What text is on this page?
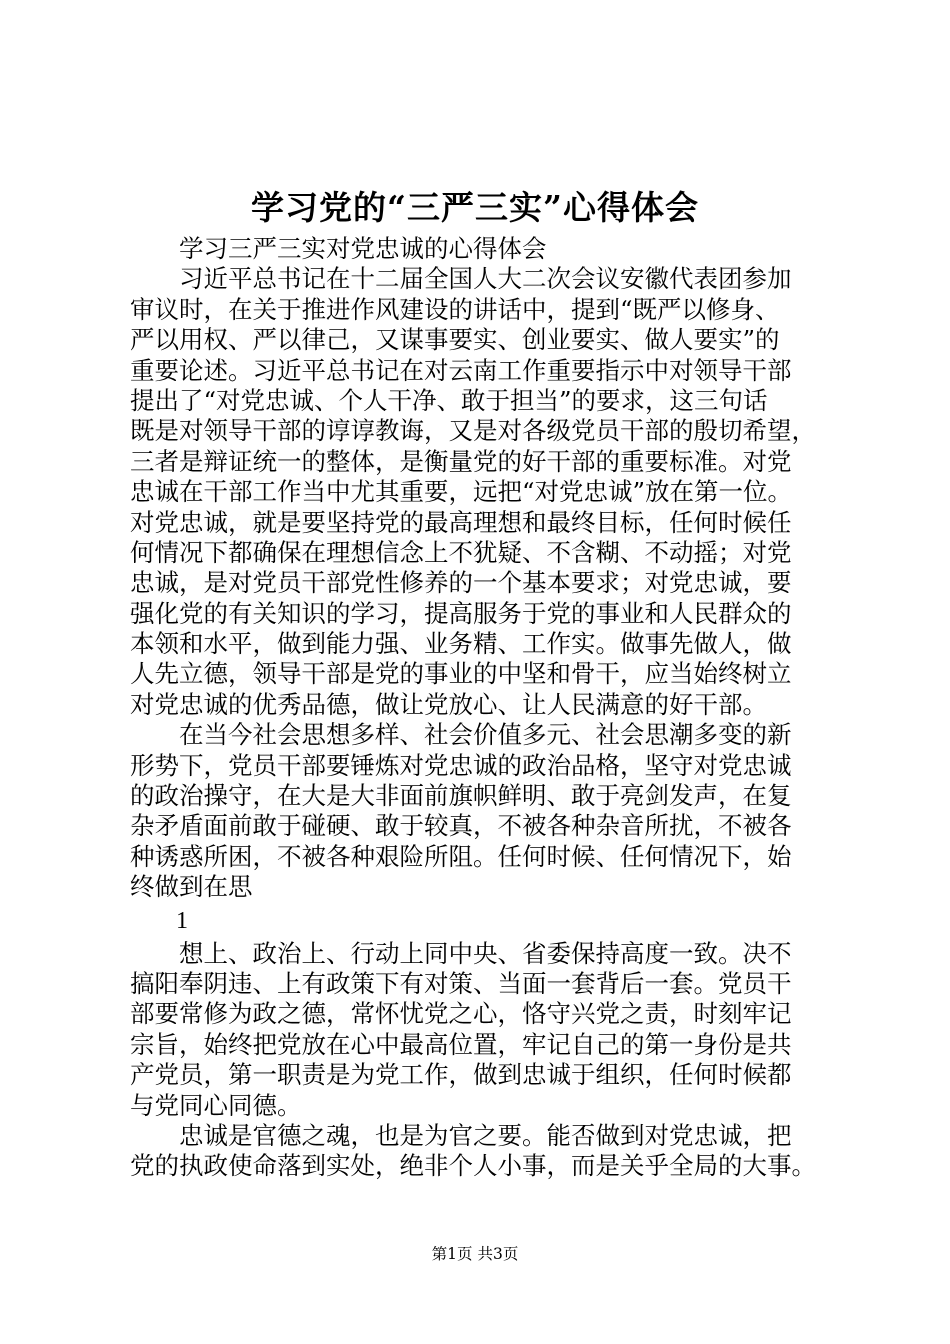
学习党的“三严三实”心得体会
学习三严三实对党忠诚的心得体会
习近平总书记在十二届全国人大二次会议安徽代表团参加
审议时，在关于推进作风建设的讲话中，提到“既严以修身、
严以用权、严以律己，又谋事要实、创业要实、做人要实”的
重要论述。习近平总书记在对云南工作重要指示中对领导干部
提出了“对党忠诚、个人干净、敢于担当”的要求，这三句话
既是对领导干部的谆谆教诲，又是对各级党员干部的殷切希望，
三者是辩证统一的整体，是衡量党的好干部的重要标准。对党
忠诚在干部工作当中尤其重要，远把“对党忠诚”放在第一位。
对党忠诚，就是要坚持党的最高理想和最终目标，任何时候任
何情况下都确保在理想信念上不犹疑、不含糊、不动摇；对党
忠诚，是对党员干部党性修养的一个基本要求；对党忠诚，要
强化党的有关知识的学习，提高服务于党的事业和人民群众的
本领和水平，做到能力强、业务精、工作实。做事先做人，做
人先立德，领导干部是党的事业的中坚和骨干，应当始终树立
对党忠诚的优秀品德，做让党放心、让人民满意的好干部。
在当今社会思想多样、社会价值多元、社会思潮多变的新
形势下，党员干部要锤炼对党忠诚的政治品格，坚守对党忠诚
的政治操守，在大是大非面前旗帜鲜明、敢于亮剑发声，在复
杂矛盾面前敢于碰硬、敢于较真，不被各种杂音所扰，不被各
种诱惑所困，不被各种艰险所阻。任何时候、任何情况下，始
终做到在思
1
想上、政治上、行动上同中央、省委保持高度一致。决不
搞阳奉阴违、上有政策下有对策、当面一套背后一套。党员干
部要常修为政之德，常怀忧党之心，恪守兴党之责，时刻牢记
宗旨，始终把党放在心中最高位置，牢记自己的第一身份是共
产党员，第一职责是为党工作，做到忠诚于组织，任何时候都
与党同心同德。
忠诚是官德之魂，也是为官之要。能否做到对党忠诚，把
党的执政使命落到实处，绝非个人小事，而是关乎全局的大事。
第1页 共3页
